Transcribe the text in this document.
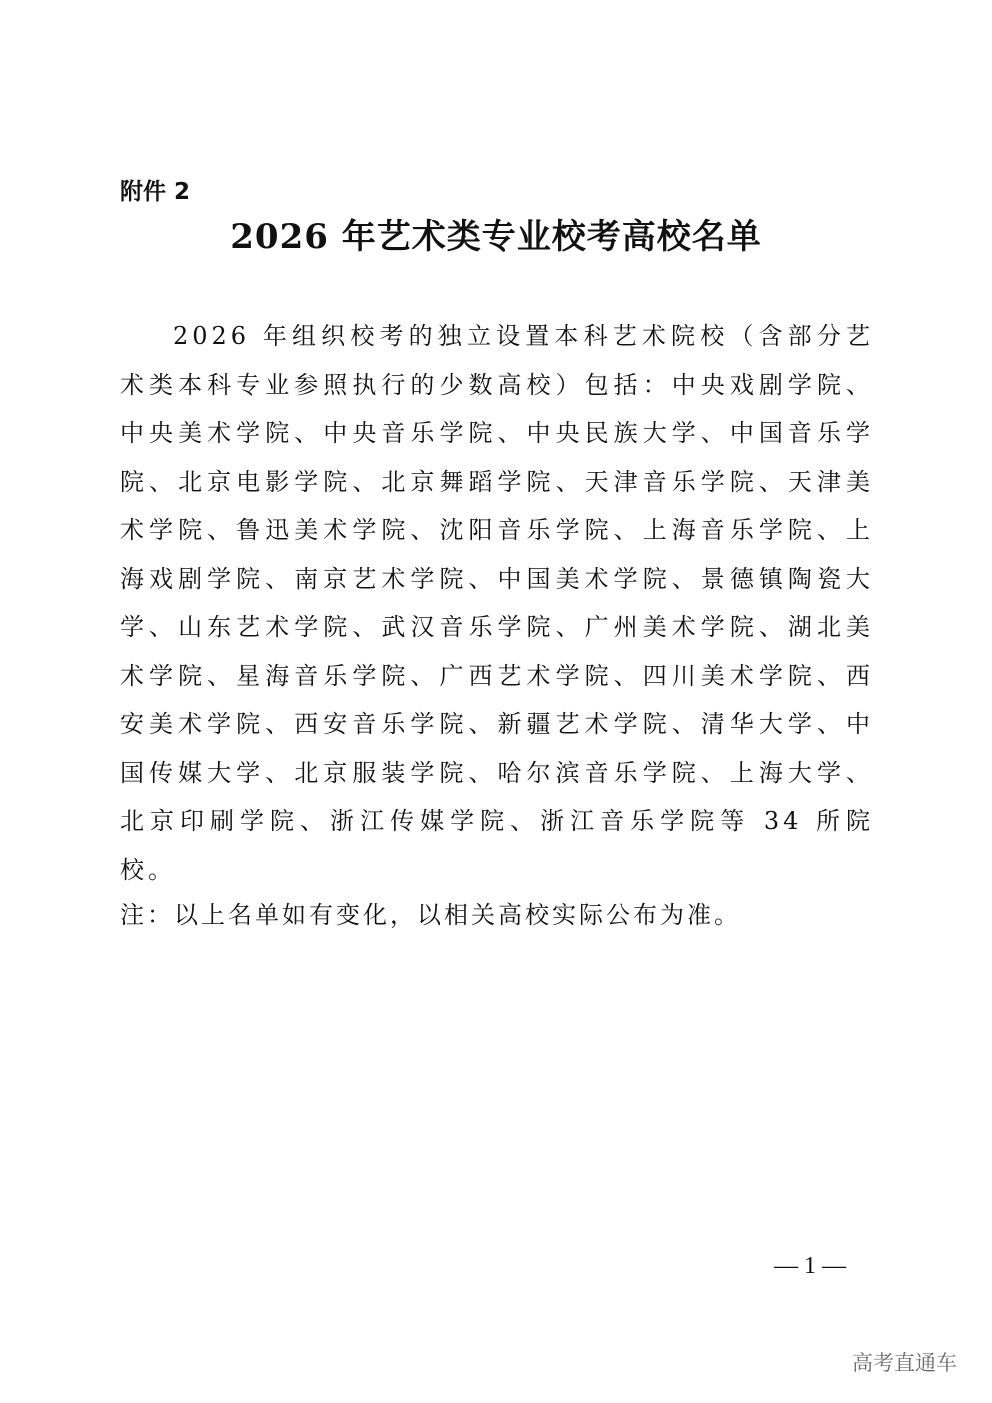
附件 2
2026 年艺术类专业校考高校名单

2026 年组织校考的独立设置本科艺术院校（含部分艺术类本科专业参照执行的少数高校）包括：中央戏剧学院、中央美术学院、中央音乐学院、中央民族大学、中国音乐学院、北京电影学院、北京舞蹈学院、天津音乐学院、天津美术学院、鲁迅美术学院、沈阳音乐学院、上海音乐学院、上海戏剧学院、南京艺术学院、中国美术学院、景德镇陶瓷大学、山东艺术学院、武汉音乐学院、广州美术学院、湖北美术学院、星海音乐学院、广西艺术学院、四川美术学院、西安美术学院、西安音乐学院、新疆艺术学院、清华大学、中国传媒大学、北京服装学院、哈尔滨音乐学院、上海大学、北京印刷学院、浙江传媒学院、浙江音乐学院等 34 所院校。

注：以上名单如有变化，以相关高校实际公布为准。

— 1 —
高考直通车
